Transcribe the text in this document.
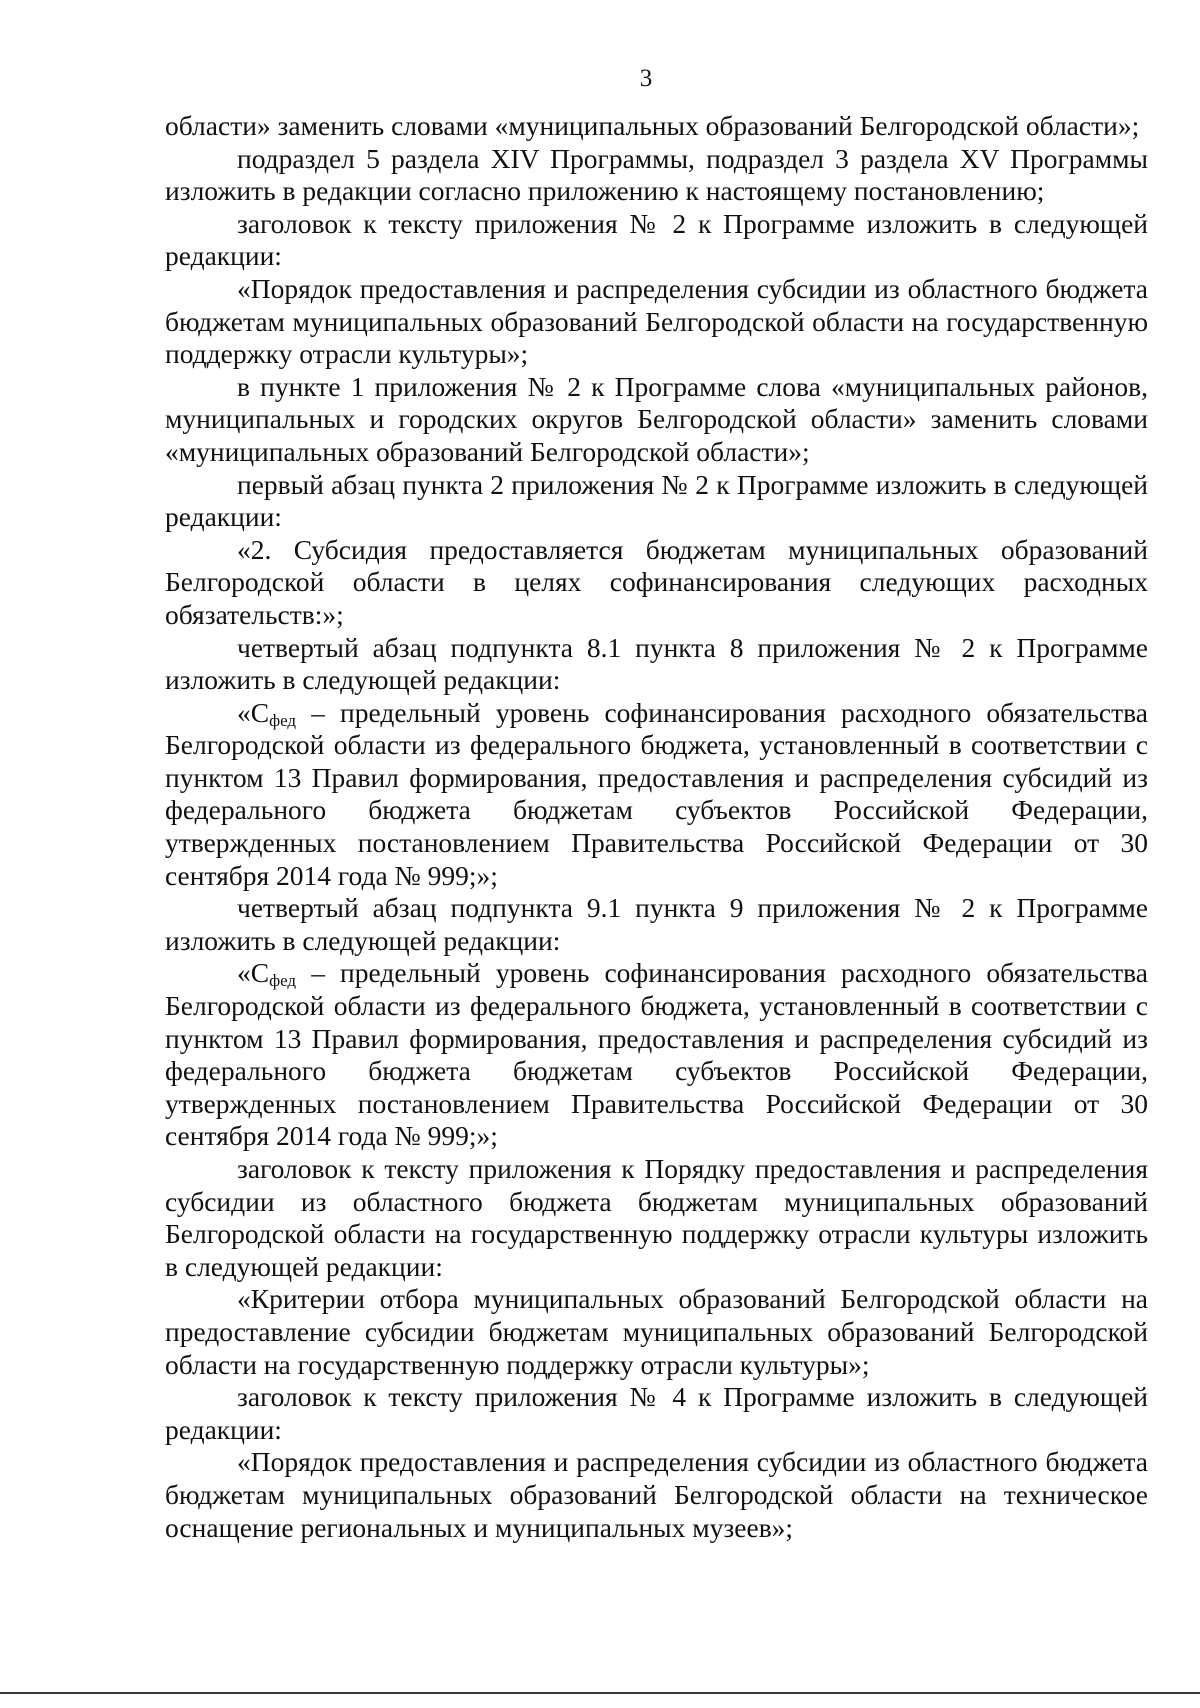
3

области» заменить словами «муниципальных образований Белгородской области»;

подраздел 5 раздела XIV Программы, подраздел 3 раздела XV Программы изложить в редакции согласно приложению к настоящему постановлению;

заголовок к тексту приложения № 2 к Программе изложить в следующей редакции:

«Порядок предоставления и распределения субсидии из областного бюджета бюджетам муниципальных образований Белгородской области на государственную поддержку отрасли культуры»;

в пункте 1 приложения № 2 к Программе слова «муниципальных районов, муниципальных и городских округов Белгородской области» заменить словами «муниципальных образований Белгородской области»;

первый абзац пункта 2 приложения № 2 к Программе изложить в следующей редакции:

«2. Субсидия предоставляется бюджетам муниципальных образований Белгородской области в целях софинансирования следующих расходных обязательств:»;

четвертый абзац подпункта 8.1 пункта 8 приложения № 2 к Программе изложить в следующей редакции:

«$С_{фед}$ – предельный уровень софинансирования расходного обязательства Белгородской области из федерального бюджета, установленный в соответствии с пунктом 13 Правил формирования, предоставления и распределения субсидий из федерального бюджета бюджетам субъектов Российской Федерации, утвержденных постановлением Правительства Российской Федерации от 30 сентября 2014 года № 999;»;

четвертый абзац подпункта 9.1 пункта 9 приложения № 2 к Программе изложить в следующей редакции:

«$С_{фед}$ – предельный уровень софинансирования расходного обязательства Белгородской области из федерального бюджета, установленный в соответствии с пунктом 13 Правил формирования, предоставления и распределения субсидий из федерального бюджета бюджетам субъектов Российской Федерации, утвержденных постановлением Правительства Российской Федерации от 30 сентября 2014 года № 999;»;

заголовок к тексту приложения к Порядку предоставления и распределения субсидии из областного бюджета бюджетам муниципальных образований Белгородской области на государственную поддержку отрасли культуры изложить в следующей редакции:

«Критерии отбора муниципальных образований Белгородской области на предоставление субсидии бюджетам муниципальных образований Белгородской области на государственную поддержку отрасли культуры»;

заголовок к тексту приложения № 4 к Программе изложить в следующей редакции:

«Порядок предоставления и распределения субсидии из областного бюджета бюджетам муниципальных образований Белгородской области на техническое оснащение региональных и муниципальных музеев»;
